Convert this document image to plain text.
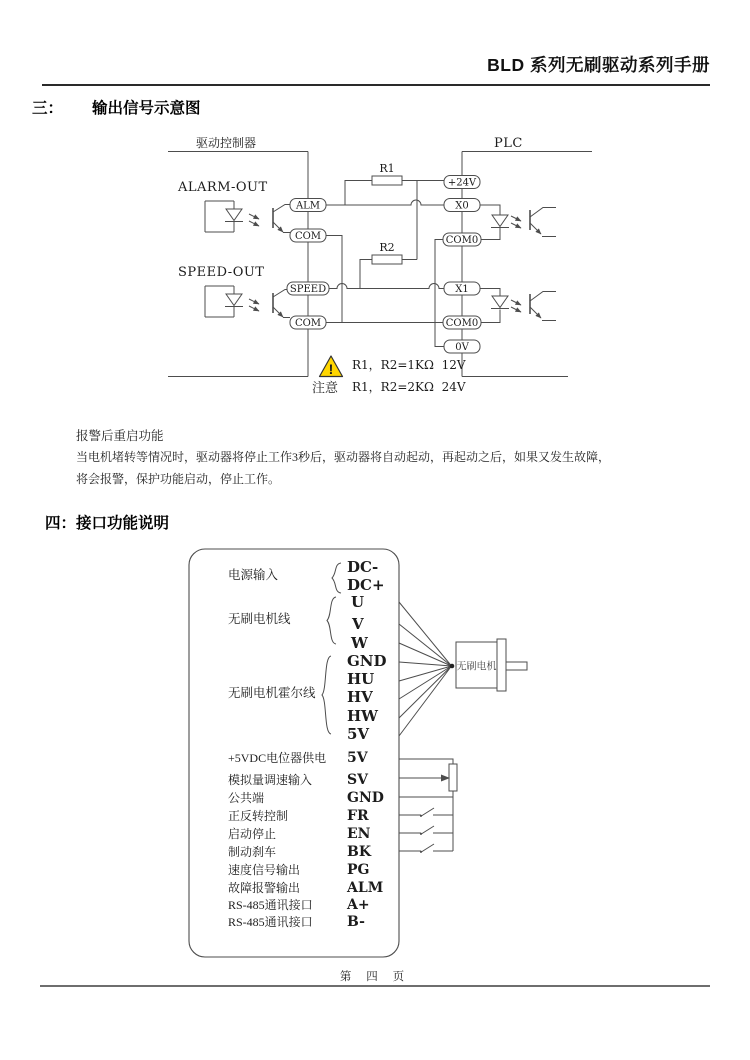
BLD 系列无刷驱动系列手册
三： 输出信号示意图
驱动控制器	PLC
ALARM-OUT
SPEED-OUT
R1
R2
ALM
COM
SPEED
COM
+24V
X0
COM0
X1
COM0
0V
!
注意
R1，R2=1KΩ  12V
R1，R2=2KΩ  24V
报警后重启功能
当电机堵转等情况时，驱动器将停止工作3秒后，驱动器将自动起动，再起动之后，如果又发生故障，
将会报警，保护功能启动，停止工作。
四：接口功能说明
电源输入
无刷电机线
无刷电机霍尔线
DC-
DC+
U
V
W
GND
HU
HV
HW
5V
无刷电机
+5VDC电位器供电
模拟量调速输入
公共端
正反转控制
启动停止
制动刹车
速度信号输出
故障报警输出
RS-485通讯接口
RS-485通讯接口
5V
SV
GND
FR
EN
BK
PG
ALM
A+
B-
第 四 页
